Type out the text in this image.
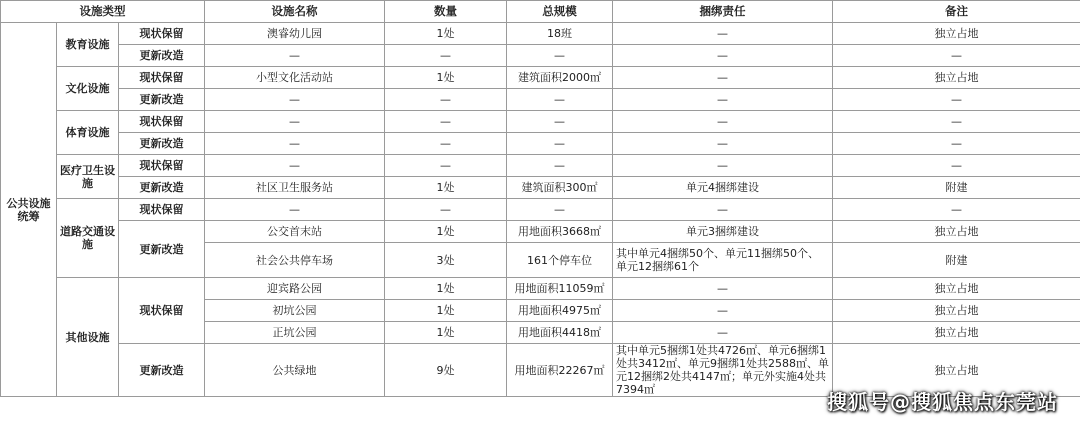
设施类型			设施名称	数量	总规模	捆绑责任	备注
公共设施统筹	教育设施	现状保留	澳睿幼儿园	1处	18班	—	独立占地
		更新改造	—	—	—	—	—
	文化设施	现状保留	小型文化活动站	1处	建筑面积2000㎡	—	独立占地
		更新改造	—	—	—	—	—
	体育设施	现状保留	—	—	—	—	—
		更新改造	—	—	—	—	—
	医疗卫生设施	现状保留	—	—	—	—	—
		更新改造	社区卫生服务站	1处	建筑面积300㎡	单元4捆绑建设	附建
	道路交通设施	现状保留	—	—	—	—	—
		更新改造	公交首末站	1处	用地面积3668㎡	单元3捆绑建设	独立占地
			社会公共停车场	3处	161个停车位	其中单元4捆绑50个、单元11捆绑50个、单元12捆绑61个	附建
	其他设施	现状保留	迎宾路公园	1处	用地面积11059㎡	—	独立占地
			初坑公园	1处	用地面积4975㎡	—	独立占地
			正坑公园	1处	用地面积4418㎡	—	独立占地
		更新改造	公共绿地	9处	用地面积22267㎡	其中单元5捆绑1处共4726㎡、单元6捆绑1处共3412㎡、单元9捆绑1处共2588㎡、单元12捆绑2处共4147㎡；单元外实施4处共7394㎡	独立占地
搜狐号@搜狐焦点东莞站
